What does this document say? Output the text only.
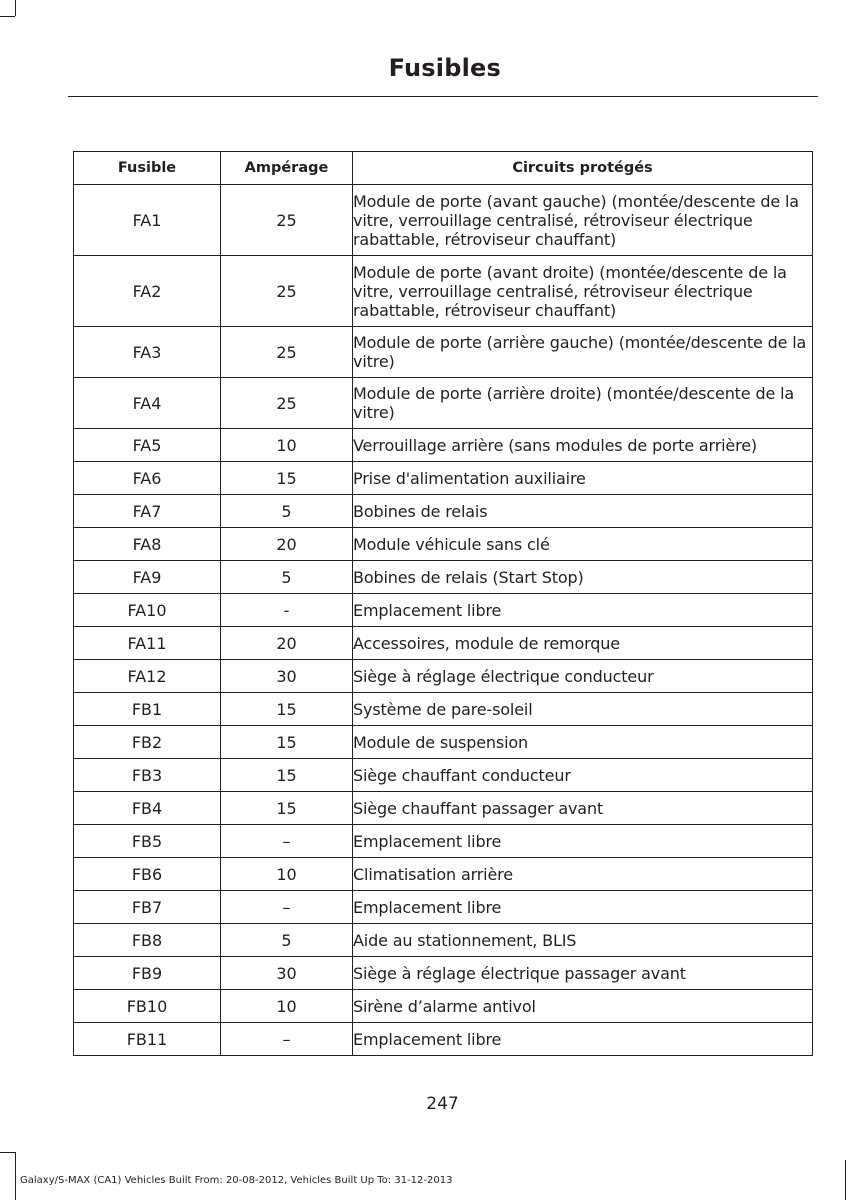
Fusibles
Fusible	Ampérage	Circuits protégés
FA1	25	Module de porte (avant gauche) (montée/descente de la vitre, verrouillage centralisé, rétroviseur électrique rabattable, rétroviseur chauffant)
FA2	25	Module de porte (avant droite) (montée/descente de la vitre, verrouillage centralisé, rétroviseur électrique rabattable, rétroviseur chauffant)
FA3	25	Module de porte (arrière gauche) (montée/descente de la vitre)
FA4	25	Module de porte (arrière droite) (montée/descente de la vitre)
FA5	10	Verrouillage arrière (sans modules de porte arrière)
FA6	15	Prise d'alimentation auxiliaire
FA7	5	Bobines de relais
FA8	20	Module véhicule sans clé
FA9	5	Bobines de relais (Start Stop)
FA10	-	Emplacement libre
FA11	20	Accessoires, module de remorque
FA12	30	Siège à réglage électrique conducteur
FB1	15	Système de pare-soleil
FB2	15	Module de suspension
FB3	15	Siège chauffant conducteur
FB4	15	Siège chauffant passager avant
FB5	–	Emplacement libre
FB6	10	Climatisation arrière
FB7	–	Emplacement libre
FB8	5	Aide au stationnement, BLIS
FB9	30	Siège à réglage électrique passager avant
FB10	10	Sirène d’alarme antivol
FB11	–	Emplacement libre
247
Galaxy/S-MAX (CA1) Vehicles Built From: 20-08-2012, Vehicles Built Up To: 31-12-2013
